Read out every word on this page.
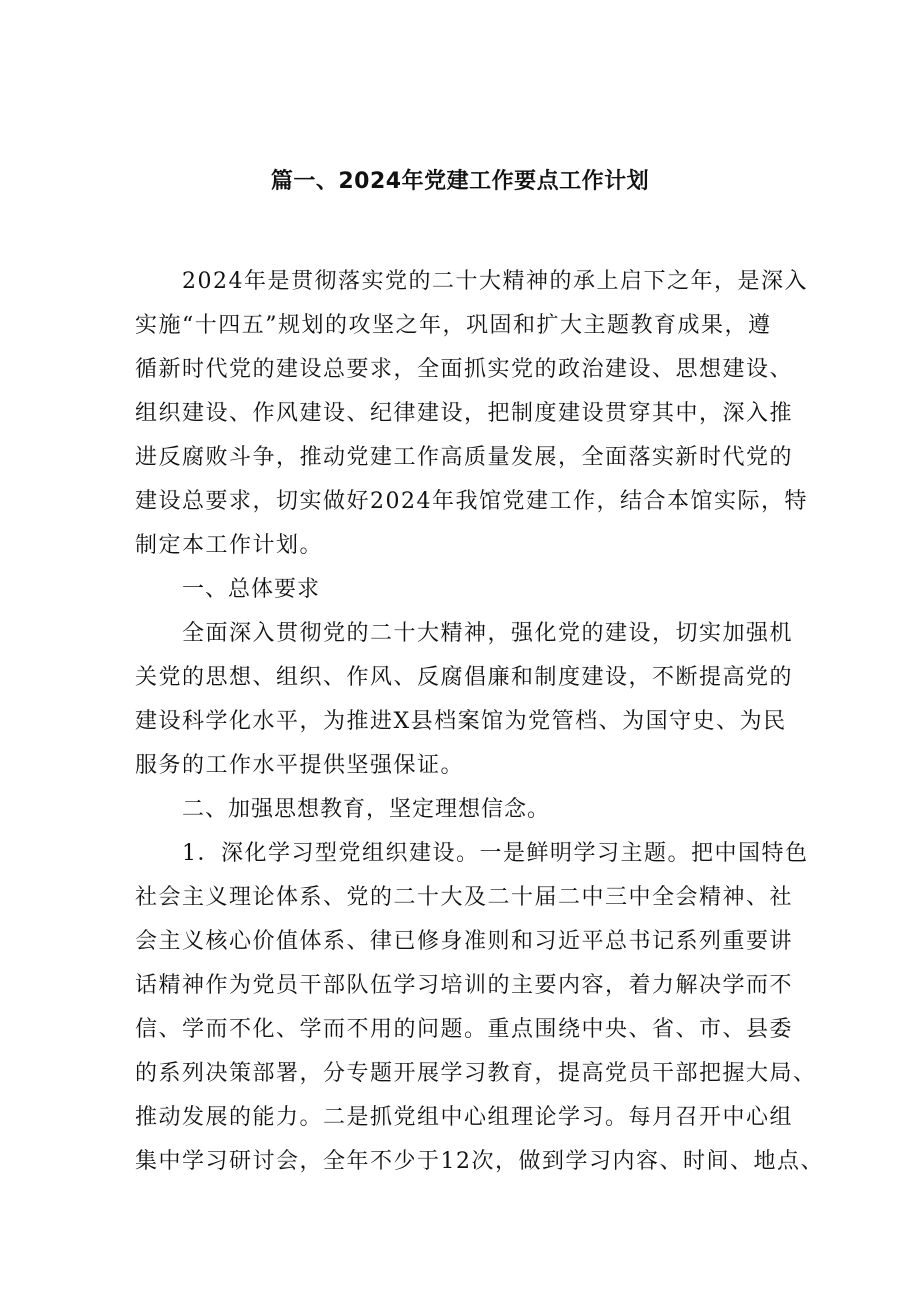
篇一、2024年党建工作要点工作计划
2024年是贯彻落实党的二十大精神的承上启下之年，是深入
实施“十四五”规划的攻坚之年，巩固和扩大主题教育成果，遵
循新时代党的建设总要求，全面抓实党的政治建设、思想建设、
组织建设、作风建设、纪律建设，把制度建设贯穿其中，深入推
进反腐败斗争，推动党建工作高质量发展，全面落实新时代党的
建设总要求，切实做好2024年我馆党建工作，结合本馆实际，特
制定本工作计划。
一、总体要求
全面深入贯彻党的二十大精神，强化党的建设，切实加强机
关党的思想、组织、作风、反腐倡廉和制度建设，不断提高党的
建设科学化水平，为推进X县档案馆为党管档、为国守史、为民
服务的工作水平提供坚强保证。
二、加强思想教育，坚定理想信念。
1．深化学习型党组织建设。一是鲜明学习主题。把中国特色
社会主义理论体系、党的二十大及二十届二中三中全会精神、社
会主义核心价值体系、律已修身准则和习近平总书记系列重要讲
话精神作为党员干部队伍学习培训的主要内容，着力解决学而不
信、学而不化、学而不用的问题。重点围绕中央、省、市、县委
的系列决策部署，分专题开展学习教育，提高党员干部把握大局、
推动发展的能力。二是抓党组中心组理论学习。每月召开中心组
集中学习研讨会，全年不少于12次，做到学习内容、时间、地点、
